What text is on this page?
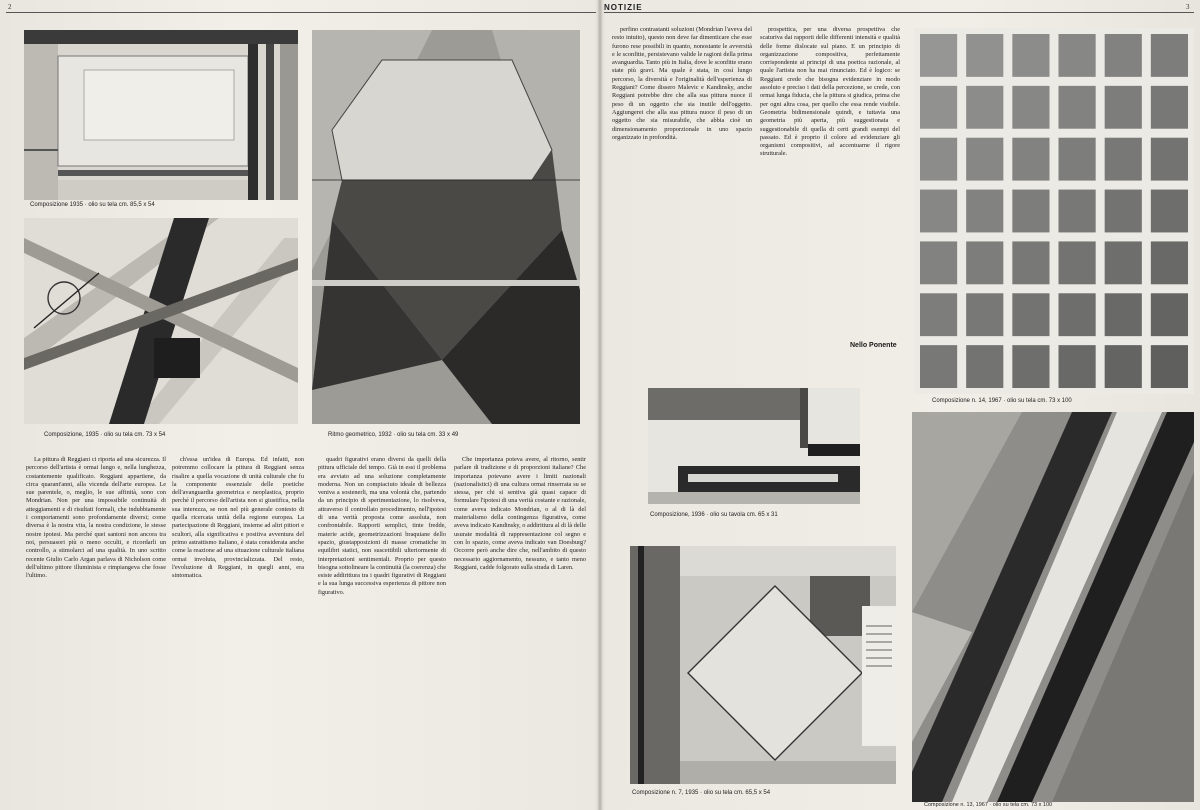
2	NOTIZIE	3
Composizione 1935 · olio su tela cm. 85,5 x 54
Composizione, 1935 · olio su tela cm. 73 x 54	Ritmo geometrico, 1932 · olio su tela cm. 33 x 49

La pittura di Reggiani ci riporta ad una sicurezza. Il percorso dell'artista è ormai lungo e, nella lunghezza, costantemente qualificato. Reggiani appartiene, da circa quarant'anni, alla vicenda dell'arte europea. Le sue parentele, o, meglio, le sue affinità, sono con Mondrian. Non per una impossibile continuità di atteggiamenti e di risultati formali, che indubbiamente i comportamenti sono profondamente diversi; come diversa è la nostra vita, la nostra condizione, le stesse nostre ipotesi. Ma perché quei santoni non ancora tra noi, persuasori più o meno occulti, e ricordarli un controllo, a stimolarci ad una qualità. In uno scritto recente Giulio Carlo Argan parlava di Nicholson come dell'ultimo pittore illuminista e rimpiangeva che fosse l'ultimo.

ch'essa un'idea di Europa. Ed infatti, non potremmo collocare la pittura di Reggiani senza risalire a quella vocazione di unità culturale che fu la componente essenziale delle poetiche dell'avanguardia geometrica e neoplastica, proprio perché il percorso dell'artista non si giustifica, nella sua interezza, se non nel più generale contesto di quella ricercata unità della regione europea. La partecipazione di Reggiani, insieme ad altri pittori e scultori, alla significativa e positiva avventura del primo astrattismo italiano, è stata considerata anche come la reazione ad una situazione culturale italiana ormai involuta, provincializzata. Del resto, l'evoluzione di Reggiani, in quegli anni, era sintomatica.

quadri figurativi erano diversi da quelli della pittura ufficiale del tempo. Già in essi il problema era avviato ad una soluzione completamente moderna. Non un compiaciuto ideale di bellezza veniva a sostenerli, ma una volontà che, partendo da un principio di sperimentazione, lo risolveva, attraverso il controllato procedimento, nell'ipotesi di una verità proposta come assoluta, non confrontabile. Rapporti semplici, tinte fredde, materie acide, geometrizzazioni braquiane dello spazio, giustapposizioni di masse cromatiche in equilibri statici, non suscettibili ulteriormente di interpretazioni sentimentali. Proprio per questo bisogna sottolineare la continuità (la coerenza) che esiste addirittura tra i quadri figurativi di Reggiani e la sua lunga successiva esperienza di pittore non figurativo.

Che importanza poteva avere, al ritorno, sentir parlare di tradizione e di proporzioni italiane? Che importanza potevano avere i limiti nazionali (nazionalistici) di una cultura ormai rinserrata su se stessa, per chi si sentiva già quasi capace di formulare l'ipotesi di una verità costante e razionale, come aveva indicato Mondrian, o al di là del materialismo della contingenza figurativa, come aveva indicato Kandinsky, o addirittura al di là delle usurate modalità di rappresentazione col segno e con lo spazio, come aveva indicato van Doesburg? Occorre però anche dire che, nell'ambito di questo necessario aggiornamento, nessuno, e tanto meno Reggiani, cadde folgorato sulla strada di Laren.

perfino contrastanti soluzioni (Mondrian l'aveva del resto intuito), questo non deve far dimenticare che esse furono rese possibili in quanto, nonostante le avversità e le sconfitte, persistevano valide le ragioni della prima avanguardia. Tanto più in Italia, dove le sconfitte erano state più gravi. Ma quale è stata, in così lungo percorso, la diversità e l'originalità dell'esperienza di Reggiani? Come dissero Malevic e Kandinsky, anche Reggiani potrebbe dire che alla sua pittura nuoce il peso di un oggetto che sia inutile dell'oggetto. Aggiungerei che alla sua pittura nuoce il peso di un oggetto che sia misurabile, che abbia cioè un dimensionamento proporzionale in uno spazio organizzato in profondità.

prospettica, per una diversa prospettiva che scaturiva dai rapporti delle differenti intensità e qualità delle forme dislocate sul piano. E un principio di organizzazione compositiva, perfettamente corrispondente ai principi di una poetica razionale, al quale l'artista non ha mai rinunciato. Ed è logico: se Reggiani crede che bisogna evidenziare in modo assoluto e preciso i dati della percezione, se crede, con ormai lunga fiducia, che la pittura si giudica, prima che per ogni altra cosa, per quello che essa rende visibile. Geometria bidimensionale quindi, e tuttavia una geometria più aperta, più suggestionata e suggestionabile di quella di certi grandi esempi del passato. Ed è proprio il colore ad evidenziare gli organismi compositivi, ad accentuarne il rigore strutturale.

Nello Ponente
Composizione n. 14, 1967 · olio su tela cm. 73 x 100
Composizione, 1936 · olio su tavola cm. 65 x 31
Composizione n. 7, 1935 · olio su tela cm. 65,5 x 54
Composizione n. 13, 1967 · olio su tela cm. 73 x 100
